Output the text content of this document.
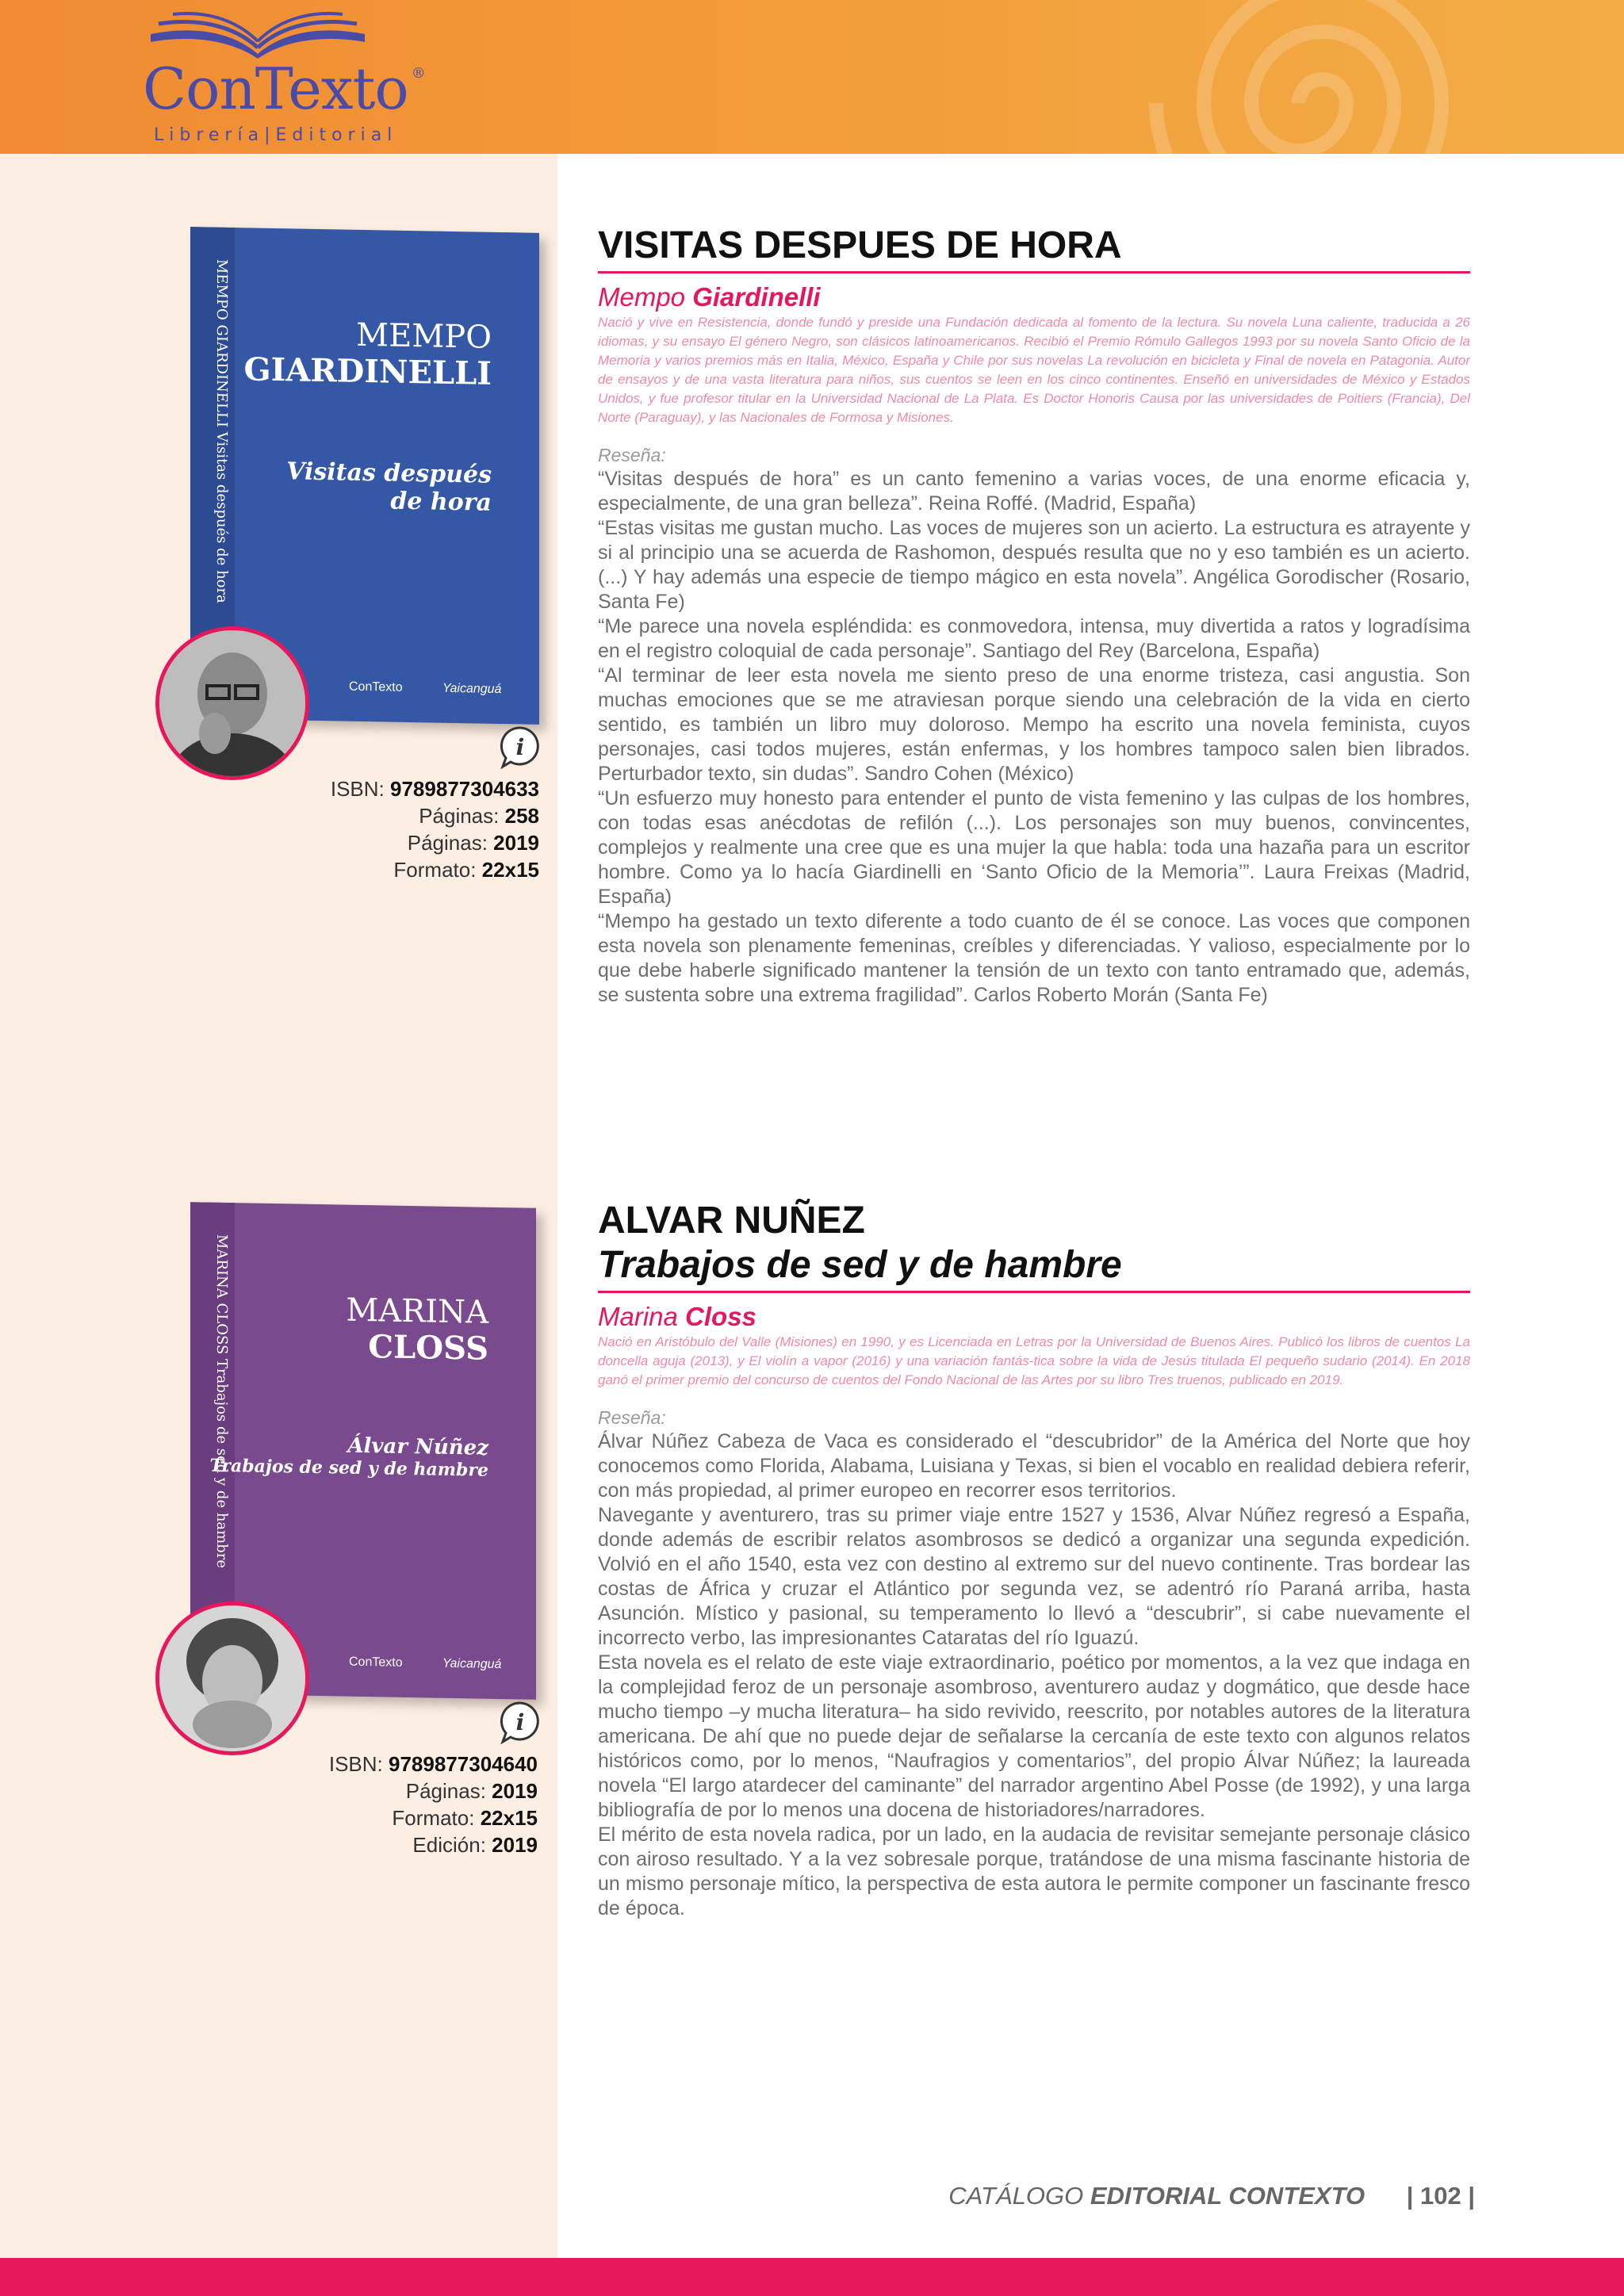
ConTexto ®
Librería|Editorial
MEMPO GIARDINELLI Visitas después de hora	MEMPO
GIARDINELLI
Visitas después
de hora
ConTexto	Yaicanguá
i
ISBN: 9789877304633
Páginas: 258
Páginas: 2019
Formato: 22x15
VISITAS DESPUES DE HORA
Mempo Giardinelli
Nació y vive en Resistencia, donde fundó y preside una Fundación dedicada al fomento de la lectura. Su novela Luna caliente, traducida a 26 idiomas, y su ensayo El género Negro, son clásicos latinoamericanos. Recibió el Premio Rómulo Gallegos 1993 por su novela Santo Oficio de la Memoria y varios premios más en Italia, México, España y Chile por sus novelas La revolución en bicicleta y Final de novela en Patagonia. Autor de ensayos y de una vasta literatura para niños, sus cuentos se leen en los cinco continentes. Enseñó en universidades de México y Estados Unidos, y fue profesor titular en la Universidad Nacional de La Plata. Es Doctor Honoris Causa por las universidades de Poitiers (Francia), Del Norte (Paraguay), y las Nacionales de Formosa y Misiones.
Reseña:

“Visitas después de hora” es un canto femenino a varias voces, de una enorme eficacia y, especialmente, de una gran belleza”. Reina Roffé. (Madrid, España)

“Estas visitas me gustan mucho. Las voces de mujeres son un acierto. La estructura es atrayente y si al principio una se acuerda de Rashomon, después resulta que no y eso también es un acierto. (...) Y hay además una especie de tiempo mágico en esta novela”. Angélica Gorodischer (Rosario, Santa Fe)

“Me parece una novela espléndida: es conmovedora, intensa, muy divertida a ratos y logradísima en el registro coloquial de cada personaje”. Santiago del Rey (Barcelona, España)

“Al terminar de leer esta novela me siento preso de una enorme tristeza, casi angustia. Son muchas emociones que se me atraviesan porque siendo una celebración de la vida en cierto sentido, es también un libro muy doloroso. Mempo ha escrito una novela feminista, cuyos personajes, casi todos mujeres, están enfermas, y los hombres tampoco salen bien librados. Perturbador texto, sin dudas”. Sandro Cohen (México)

“Un esfuerzo muy honesto para entender el punto de vista femenino y las culpas de los hombres, con todas esas anécdotas de refilón (...). Los personajes son muy buenos, convincentes, complejos y realmente una cree que es una mujer la que habla: toda una hazaña para un escritor hombre. Como ya lo hacía Giardinelli en ‘Santo Oficio de la Memoria’”. Laura Freixas (Madrid, España)

“Mempo ha gestado un texto diferente a todo cuanto de él se conoce. Las voces que componen esta novela son plenamente femeninas, creíbles y diferenciadas. Y valioso, especialmente por lo que debe haberle significado mantener la tensión de un texto con tanto entramado que, además, se sustenta sobre una extrema fragilidad”. Carlos Roberto Morán (Santa Fe)

MARINA CLOSS Trabajos de sed y de hambre	MARINA
CLOSS
Álvar Núñez
Trabajos de sed y de hambre
ConTexto	Yaicanguá
i
ISBN: 9789877304640
Páginas: 2019
Formato: 22x15
Edición: 2019
ALVAR NUÑEZ
Trabajos de sed y de hambre
Marina Closs
Nació en Aristóbulo del Valle (Misiones) en 1990, y es Licenciada en Letras por la Universidad de Buenos Aires. Publicó los libros de cuentos La doncella aguja (2013), y El violín a vapor (2016) y una variación fantás-tica sobre la vida de Jesús titulada El pequeño sudario (2014). En 2018 ganó el primer premio del concurso de cuentos del Fondo Nacional de las Artes por su libro Tres truenos, publicado en 2019.
Reseña:

Álvar Núñez Cabeza de Vaca es considerado el “descubridor” de la América del Norte que hoy conocemos como Florida, Alabama, Luisiana y Texas, si bien el vocablo en realidad debiera referir, con más propiedad, al primer europeo en recorrer esos territorios.

Navegante y aventurero, tras su primer viaje entre 1527 y 1536, Alvar Núñez regresó a España, donde además de escribir relatos asombrosos se dedicó a organizar una segunda expedición. Volvió en el año 1540, esta vez con destino al extremo sur del nuevo continente. Tras bordear las costas de África y cruzar el Atlántico por segunda vez, se adentró río Paraná arriba, hasta Asunción. Místico y pasional, su temperamento lo llevó a “descubrir”, si cabe nuevamente el incorrecto verbo, las impresionantes Cataratas del río Iguazú.

Esta novela es el relato de este viaje extraordinario, poético por momentos, a la vez que indaga en la complejidad feroz de un personaje asombroso, aventurero audaz y dogmático, que desde hace mucho tiempo –y mucha literatura– ha sido revivido, reescrito, por notables autores de la literatura americana. De ahí que no puede dejar de señalarse la cercanía de este texto con algunos relatos históricos como, por lo menos, “Naufragios y comentarios”, del propio Álvar Núñez; la laureada novela “El largo atardecer del caminante” del narrador argentino Abel Posse (de 1992), y una larga bibliografía de por lo menos una docena de historiadores/narradores.

El mérito de esta novela radica, por un lado, en la audacia de revisitar semejante personaje clásico con airoso resultado. Y a la vez sobresale porque, tratándose de una misma fascinante historia de un mismo personaje mítico, la perspectiva de esta autora le permite componer un fascinante fresco de época.

CATÁLOGO EDITORIAL CONTEXTO | 102 |
